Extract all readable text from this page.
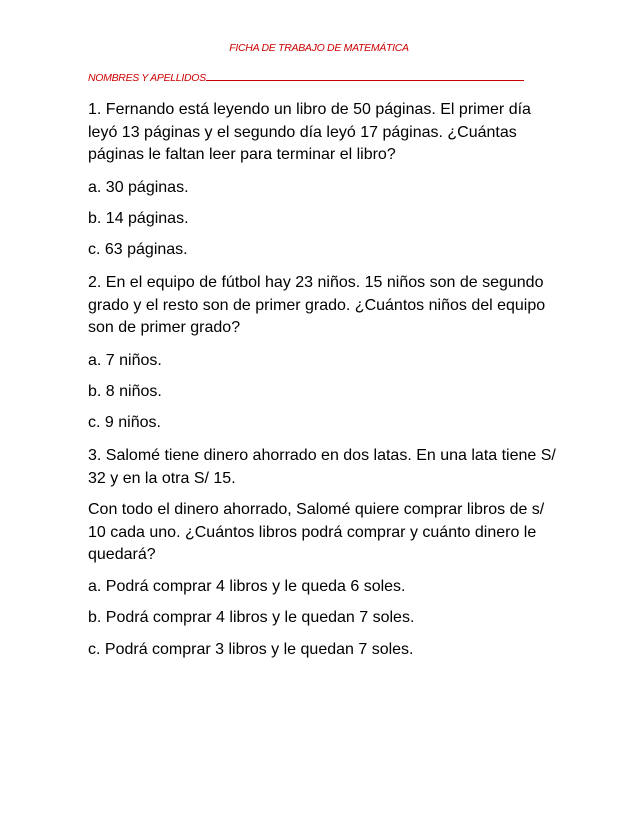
FICHA DE TRABAJO DE MATEMÁTICA
NOMBRES Y APELLIDOS

1. Fernando está leyendo un libro de 50 páginas. El primer día leyó 13 páginas y el segundo día leyó 17 páginas. ¿Cuántas páginas le faltan leer para terminar el libro?

a. 30 páginas.

b. 14 páginas.

c. 63 páginas.

2. En el equipo de fútbol hay 23 niños. 15 niños son de segundo grado y el resto son de primer grado. ¿Cuántos niños del equipo son de primer grado?

a. 7 niños.

b. 8 niños.

c. 9 niños.

3. Salomé tiene dinero ahorrado en dos latas. En una lata tiene S/ 32 y en la otra S/ 15.

Con todo el dinero ahorrado, Salomé quiere comprar libros de s/ 10 cada uno. ¿Cuántos libros podrá comprar y cuánto dinero le quedará?

a. Podrá comprar 4 libros y le queda 6 soles.

b. Podrá comprar 4 libros y le quedan 7 soles.

c. Podrá comprar 3 libros y le quedan 7 soles.
